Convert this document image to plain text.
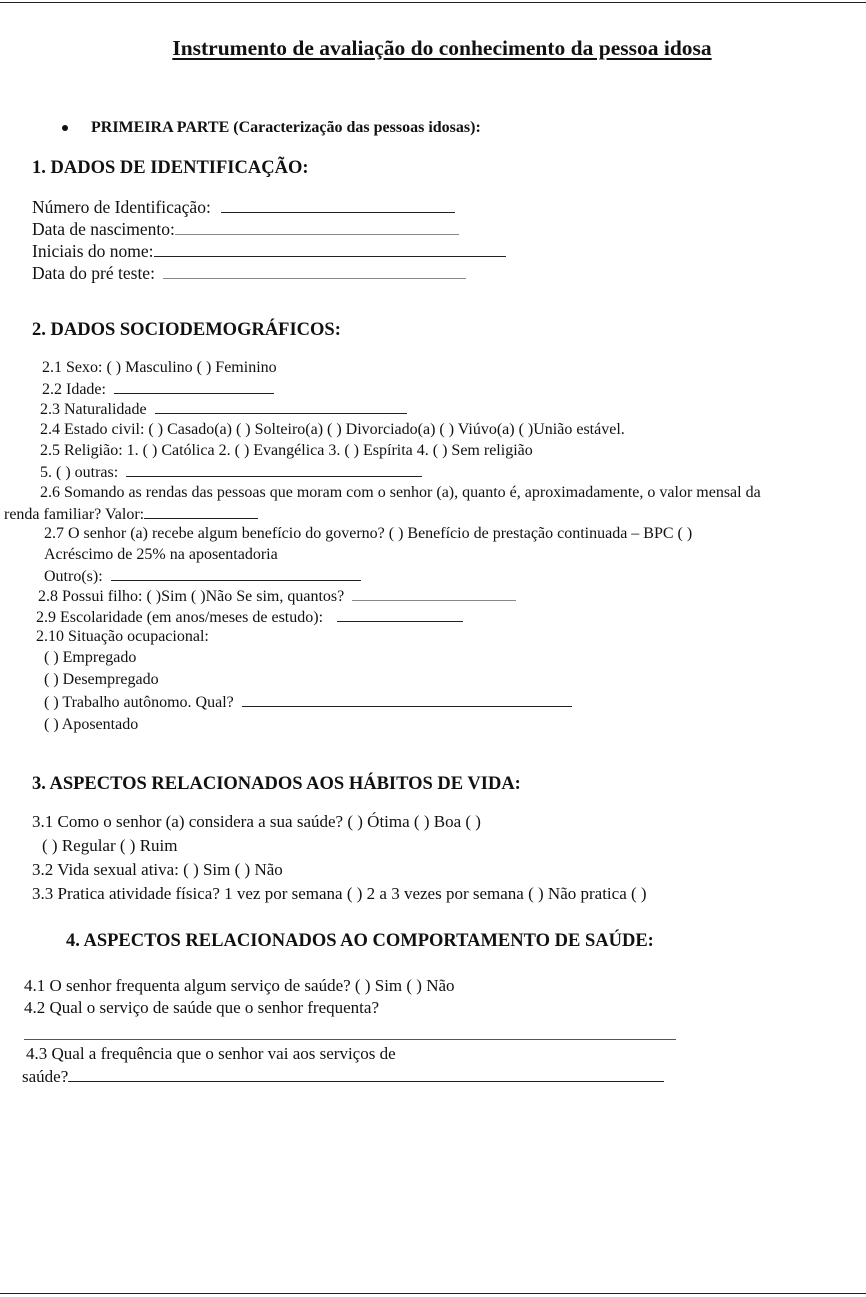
Instrumento de avaliação do conhecimento da pessoa idosa
PRIMEIRA PARTE (Caracterização das pessoas idosas):
1. DADOS DE IDENTIFICAÇÃO:
Número de Identificação:
Data de nascimento:
Iniciais do nome:
Data do pré teste:
2. DADOS SOCIODEMOGRÁFICOS:
2.1 Sexo: ( ) Masculino ( ) Feminino
2.2 Idade:
2.3 Naturalidade
2.4 Estado civil: ( ) Casado(a) ( ) Solteiro(a) ( ) Divorciado(a) ( ) Viúvo(a) ( )União estável.
2.5 Religião: 1. ( ) Católica 2. ( ) Evangélica 3. ( ) Espírita 4. ( ) Sem religião
5. ( ) outras:
2.6 Somando as rendas das pessoas que moram com o senhor (a), quanto é, aproximadamente, o valor mensal da
renda familiar? Valor:
2.7 O senhor (a) recebe algum benefício do governo? ( ) Benefício de prestação continuada – BPC ( )
Acréscimo de 25% na aposentadoria
Outro(s):
2.8 Possui filho: ( )Sim ( )Não Se sim, quantos?
2.9 Escolaridade (em anos/meses de estudo):
2.10 Situação ocupacional:
( ) Empregado
( ) Desempregado
( ) Trabalho autônomo. Qual?
( ) Aposentado
3. ASPECTOS RELACIONADOS AOS HÁBITOS DE VIDA:
3.1 Como o senhor (a) considera a sua saúde? ( ) Ótima ( ) Boa ( )
( ) Regular ( ) Ruim
3.2 Vida sexual ativa: ( ) Sim ( ) Não
3.3 Pratica atividade física? 1 vez por semana ( ) 2 a 3 vezes por semana ( ) Não pratica ( )
4. ASPECTOS RELACIONADOS AO COMPORTAMENTO DE SAÚDE:
4.1 O senhor frequenta algum serviço de saúde? ( ) Sim ( ) Não
4.2 Qual o serviço de saúde que o senhor frequenta?
4.3 Qual a frequência que o senhor vai aos serviços de
saúde?
